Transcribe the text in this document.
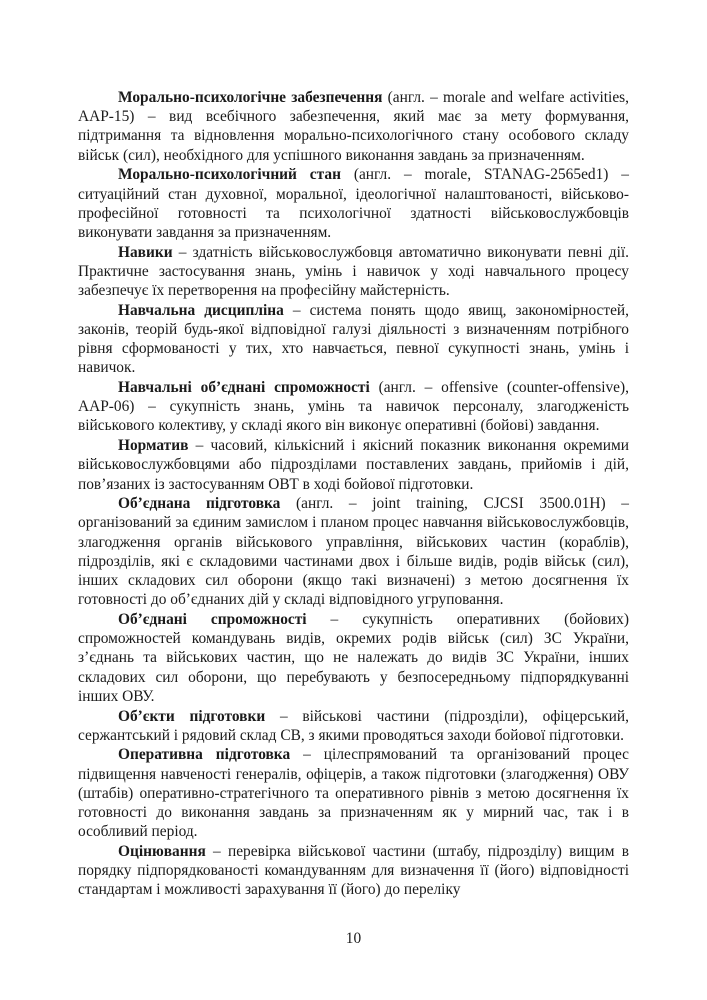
Морально-психологічне забезпечення (англ. – morale and welfare activities, AAP-15) – вид всебічного забезпечення, який має за мету формування, підтримання та відновлення морально-психологічного стану особового складу військ (сил), необхідного для успішного виконання завдань за призначенням.

Морально-психологічний стан (англ. – morale, STANAG-2565ed1) – ситуаційний стан духовної, моральної, ідеологічної налаштованості, військово-професійної готовності та психологічної здатності військовослужбовців виконувати завдання за призначенням.

Навики – здатність військовослужбовця автоматично виконувати певні дії. Практичне застосування знань, умінь і навичок у ході навчального процесу забезпечує їх перетворення на професійну майстерність.

Навчальна дисципліна – система понять щодо явищ, закономірностей, законів, теорій будь-якої відповідної галузі діяльності з визначенням потрібного рівня сформованості у тих, хто навчається, певної сукупності знань, умінь і навичок.

Навчальні об’єднані спроможності (англ. – offensive (counter-offensive), AAP-06) – сукупність знань, умінь та навичок персоналу, злагодженість військового колективу, у складі якого він виконує оперативні (бойові) завдання.

Норматив – часовий, кількісний і якісний показник виконання окремими військовослужбовцями або підрозділами поставлених завдань, прийомів і дій, пов’язаних із застосуванням ОВТ в ході бойової підготовки.

Об’єднана підготовка (англ. – joint training, CJCSI 3500.01H) – організований за єдиним замислом і планом процес навчання військовослужбовців, злагодження органів військового управління, військових частин (кораблів), підрозділів, які є складовими частинами двох і більше видів, родів військ (сил), інших складових сил оборони (якщо такі визначені) з метою досягнення їх готовності до об’єднаних дій у складі відповідного угруповання.

Об’єднані спроможності – сукупність оперативних (бойових) спроможностей командувань видів, окремих родів військ (сил) ЗС України, з’єднань та військових частин, що не належать до видів ЗС України, інших складових сил оборони, що перебувають у безпосередньому підпорядкуванні інших ОВУ.

Об’єкти підготовки – військові частини (підрозділи), офіцерський, сержантський і рядовий склад СВ, з якими проводяться заходи бойової підготовки.

Оперативна підготовка – цілеспрямований та організований процес підвищення навченості генералів, офіцерів, а також підготовки (злагодження) ОВУ (штабів) оперативно-стратегічного та оперативного рівнів з метою досягнення їх готовності до виконання завдань за призначенням як у мирний час, так і в особливий період.

Оцінювання – перевірка військової частини (штабу, підрозділу) вищим в порядку підпорядкованості командуванням для визначення її (його) відповідності стандартам і можливості зарахування її (його) до переліку

10
